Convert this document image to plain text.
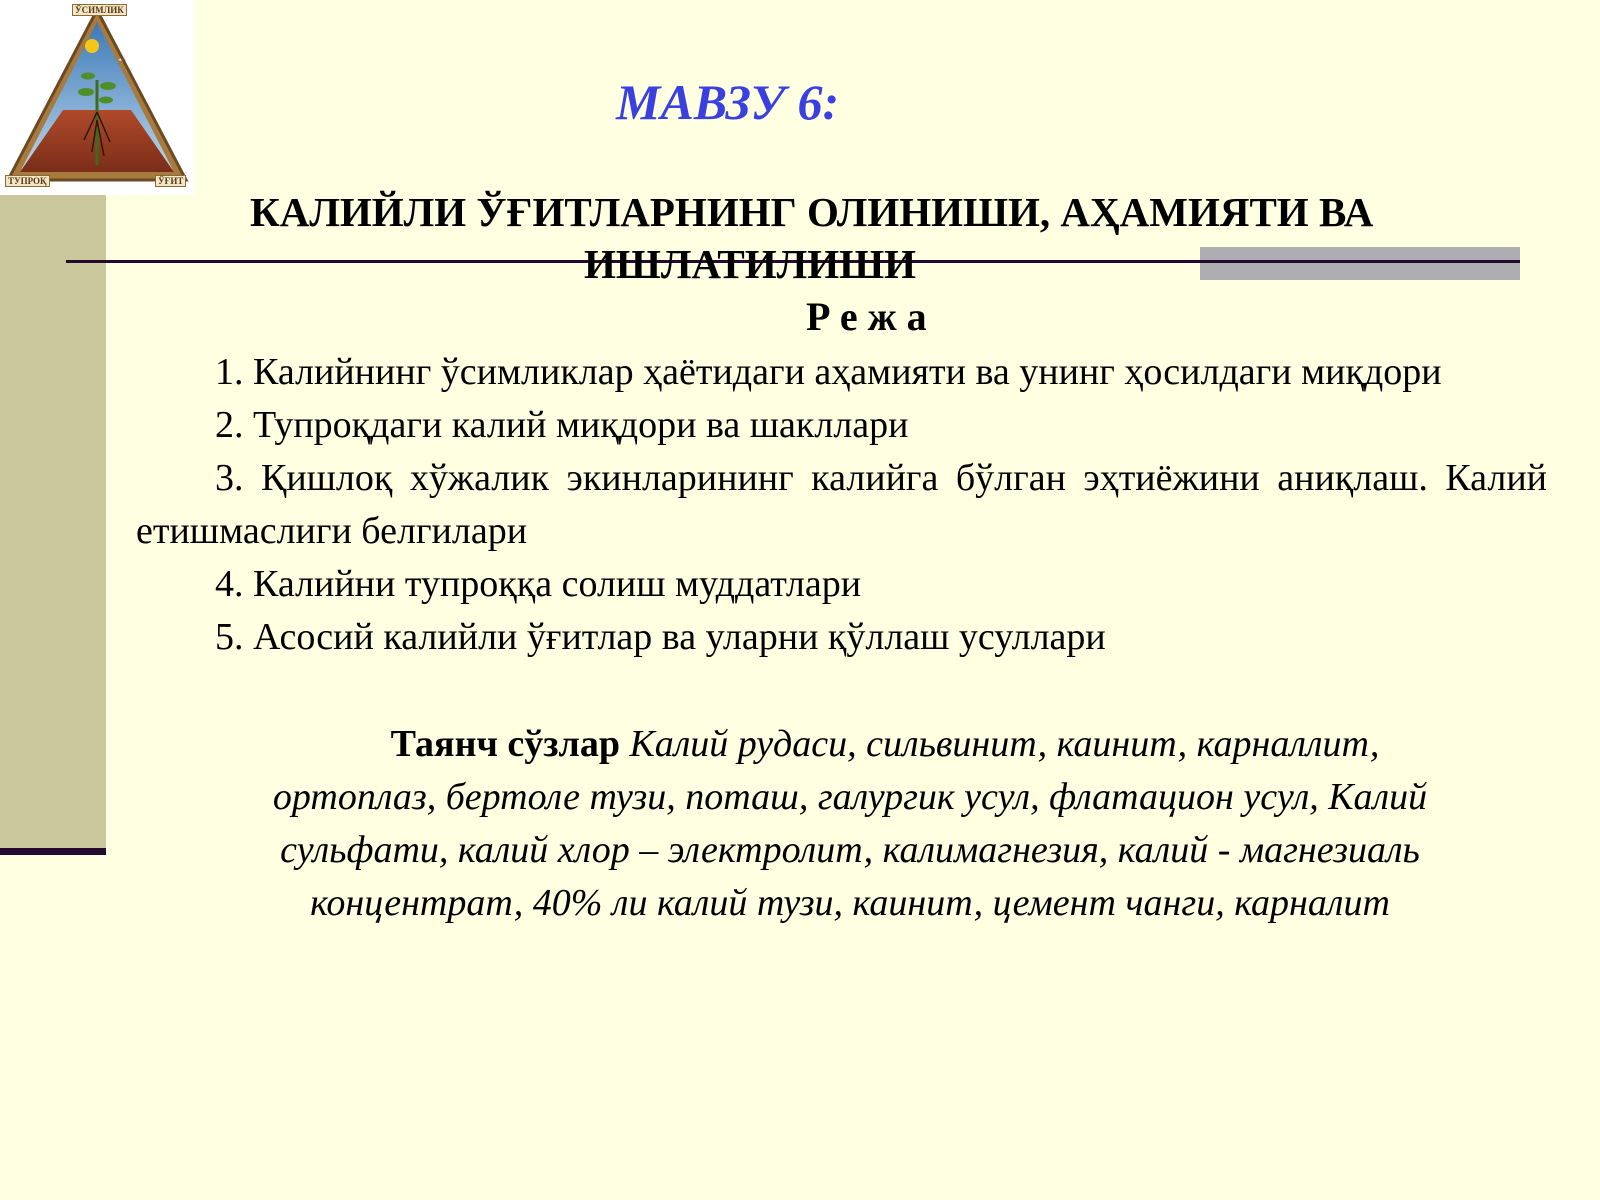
ЎСИМЛИК
ТУПРОҚ	ЎҒИТ
МАВЗУ 6:
КАЛИЙЛИ ЎҒИТЛАРНИНГ ОЛИНИШИ, АҲАМИЯТИ ВА
ИШЛАТИЛИШИ
Режа

1. Калийнинг ўсимликлар ҳаётидаги аҳамияти ва унинг ҳосилдаги миқдори

2. Тупроқдаги калий миқдори ва шакллари

3. Қишлоқ хўжалик экинларининг калийга бўлган эҳтиёжини аниқлаш. Калий етишмаслиги белгилари

4. Калийни тупроққа солиш муддатлари

5. Асосий калийли ўғитлар ва уларни қўллаш усуллари

Таянч сўзлар Калий рудаси, сильвинит, каинит, карналлит,
ортоплаз, бертоле тузи, поташ, галургик усул, флатацион усул, Калий
сульфати, калий хлор – электролит, калимагнезия, калий - магнезиаль
концентрат, 40% ли калий тузи, каинит, цемент чанги, карналит
